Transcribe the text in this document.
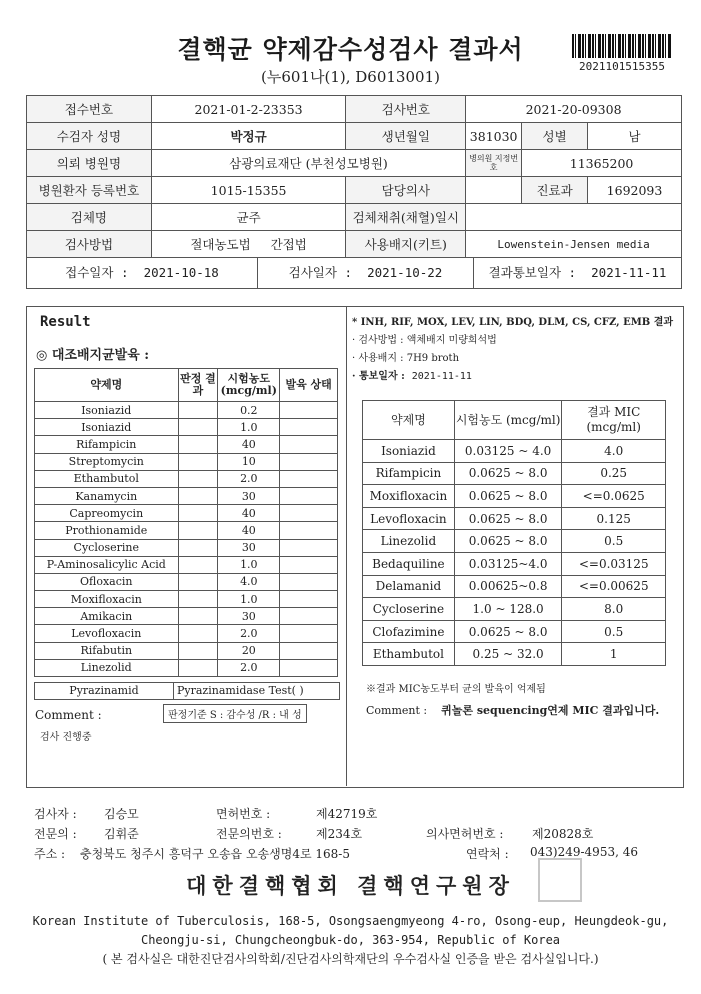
결핵균 약제감수성검사 결과서
(누601나(1), D6013001)
2021101515355
접수번호	2021-01-2-23353	검사번호	2021-20-09308		
수검자 성명	박정규	생년월일	381030	성별	남
의뢰 병원명	삼광의료재단 (부천성모병원)		병의원 지정번호	11365200	
병원환자 등록번호	1015-15355	담당의사		진료과	1692093
검체명	균주	검체채취(채혈)일시			
검사방법	절대농도법 간접법	사용배지(키트)	Lowenstein-Jensen media		

접수일자 : 2021-10-18 검사일자 : 2021-10-22 결과통보일자 : 2021-11-11					
Result
◎ 대조배지균발육 :
약제명	판정 결과	시험농도 (mcg/ml)	발육 상태
Isoniazid		0.2	
Isoniazid		1.0	
Rifampicin		40	
Streptomycin		10	
Ethambutol		2.0	
Kanamycin		30	
Capreomycin		40	
Prothionamide		40	
Cycloserine		30	
P-Aminosalicylic Acid		1.0	
Ofloxacin		4.0	
Moxifloxacin		1.0	
Amikacin		30	
Levofloxacin		2.0	
Rifabutin		20	
Linezolid		2.0	
Pyrazinamid	Pyrazinamidase Test( )
Comment :	판정기준 S : 감수성 /R : 내 성
검사 진행중
* INH, RIF, MOX, LEV, LIN, BDQ, DLM, CS, CFZ, EMB 결과
· 검사방법 : 액체배지 미량희석법
· 사용배지 : 7H9 broth
· 통보일자 : 2021-11-11
약제명	시험농도 (mcg/ml)	결과 MIC (mcg/ml)
Isoniazid	0.03125 ~ 4.0	4.0
Rifampicin	0.0625 ~ 8.0	0.25
Moxifloxacin	0.0625 ~ 8.0	<=0.0625
Levofloxacin	0.0625 ~ 8.0	0.125
Linezolid	0.0625 ~ 8.0	0.5
Bedaquiline	0.03125~4.0	<=0.03125
Delamanid	0.00625~0.8	<=0.00625
Cycloserine	1.0 ~ 128.0	8.0
Clofazimine	0.0625 ~ 8.0	0.5
Ethambutol	0.25 ~ 32.0	1
※결과 MIC농도부터 균의 발육이 억제됨
Comment : 퀴놀론 sequencing연제 MIC 결과입니다.
검사자 : 김승모	면허번호 :	제42719호
전문의 : 김휘준	전문의번호 :	제234호	의사면허번호 : 제20828호
주소 : 충청북도 청주시 흥덕구 오송읍 오송생명4로 168-5	연락처 : 043)249-4953, 46
대한결핵협회 결핵연구원장
Korean Institute of Tuberculosis, 168-5, Osongsaengmyeong 4-ro, Osong-eup, Heungdeok-gu,
Cheongju-si, Chungcheongbuk-do, 363-954, Republic of Korea
( 본 검사실은 대한진단검사의학회/진단검사의학재단의 우수검사실 인증을 받은 검사실입니다.)
